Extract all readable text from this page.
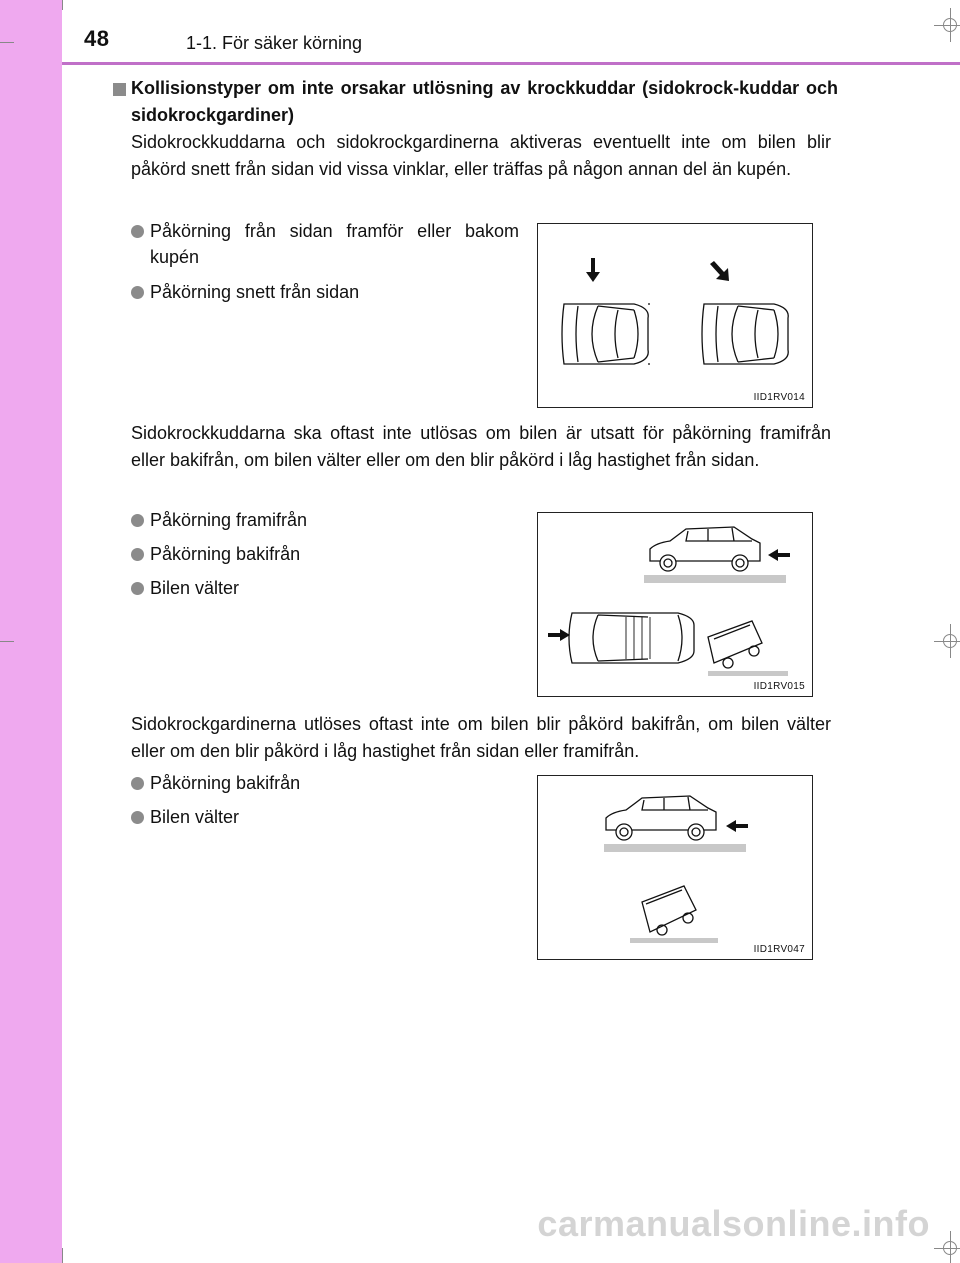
48	1-1. För säker körning
Kollisionstyper om inte orsakar utlösning av krockkuddar (sidokrock-kuddar och sidokrockgardiner)
Sidokrockkuddarna och sidokrockgardinerna aktiveras eventuellt inte om bilen blir påkörd snett från sidan vid vissa vinklar, eller träffas på någon annan del än kupén.
Påkörning från sidan framför eller bakom kupén
Påkörning snett från sidan
IID1RV014
Sidokrockkuddarna ska oftast inte utlösas om bilen är utsatt för påkörning framifrån eller bakifrån, om bilen välter eller om den blir påkörd i låg hastighet från sidan.
Påkörning framifrån
Påkörning bakifrån
Bilen välter
IID1RV015
Sidokrockgardinerna utlöses oftast inte om bilen blir påkörd bakifrån, om bilen välter eller om den blir påkörd i låg hastighet från sidan eller framifrån.
Påkörning bakifrån
Bilen välter
IID1RV047
carmanualsonline.info
